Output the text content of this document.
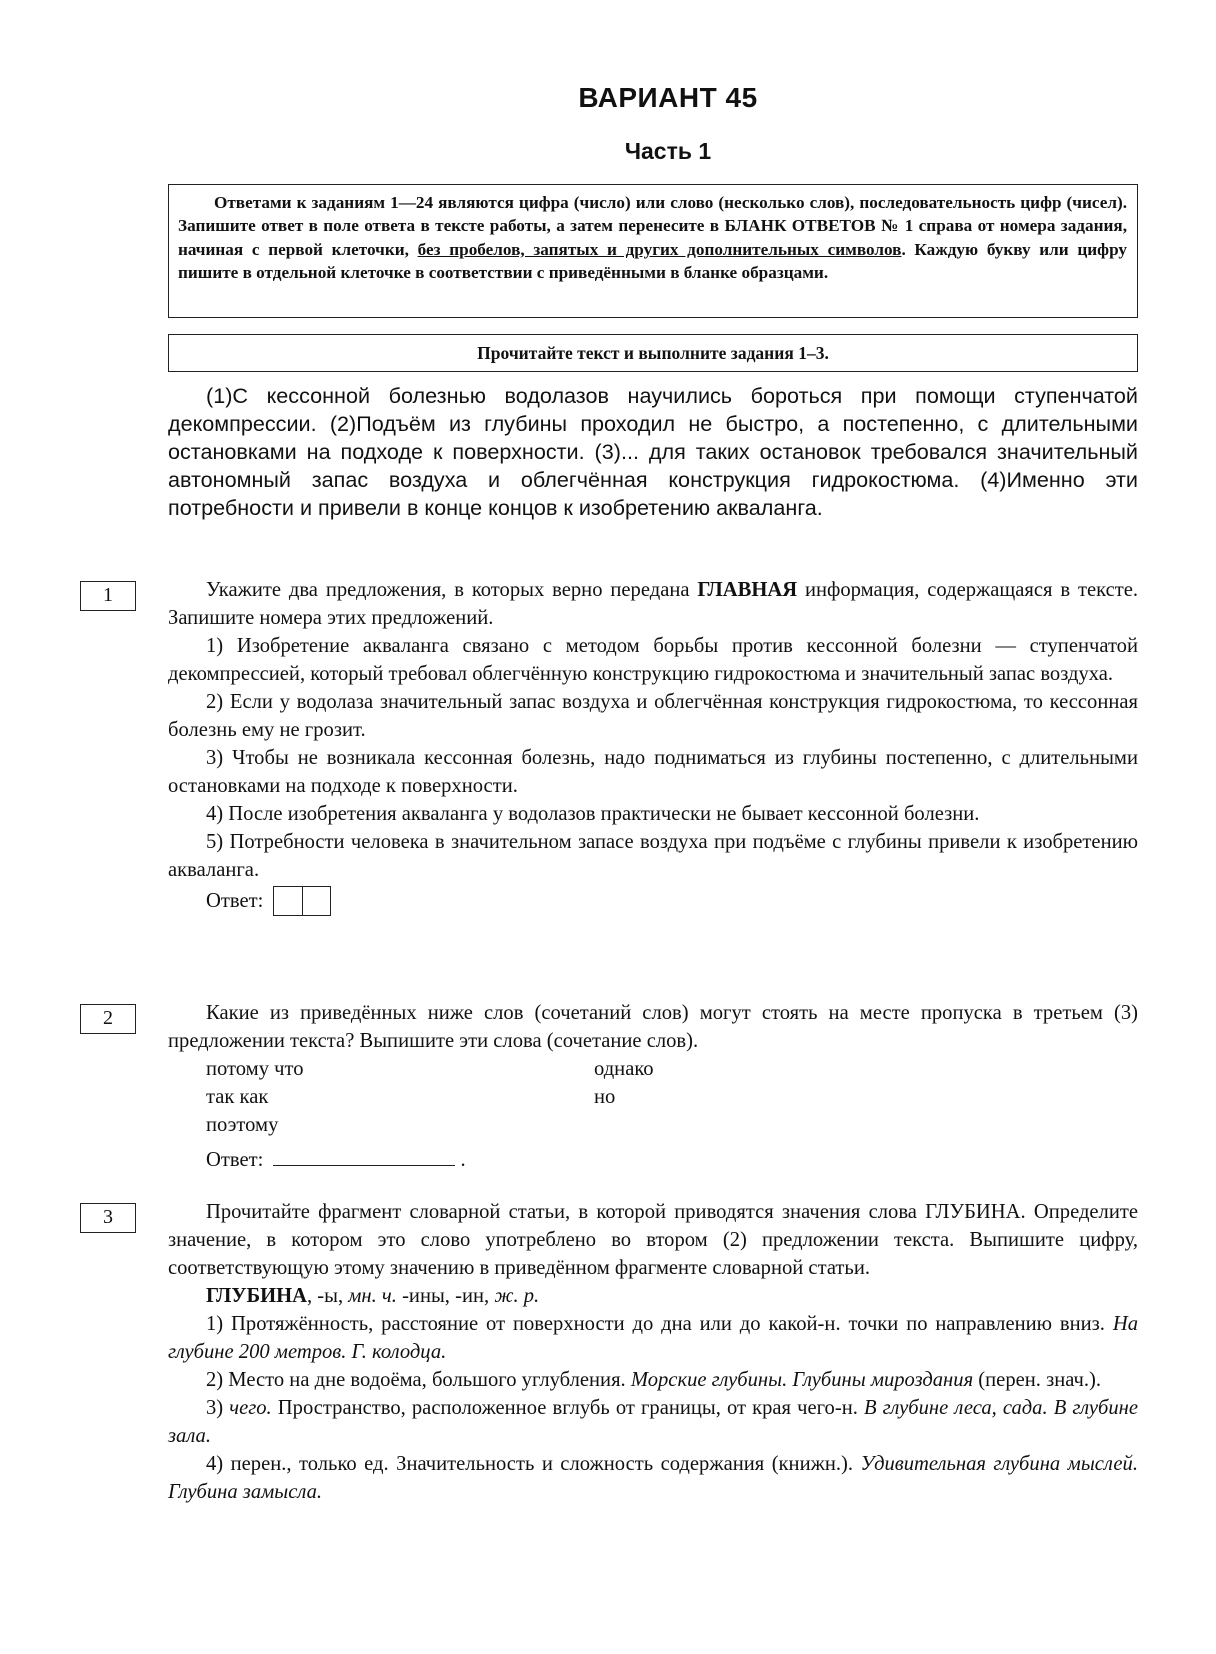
ВАРИАНТ 45
Часть 1

Ответами к заданиям 1—24 являются цифра (число) или слово (несколько слов), последовательность цифр (чисел). Запишите ответ в поле ответа в тексте работы, а затем перенесите в БЛАНК ОТВЕТОВ № 1 справа от номера задания, начиная с первой клеточки, без пробелов, запятых и других дополнительных символов. Каждую букву или цифру пишите в отдельной клеточке в соответствии с приведёнными в бланке образцами.

Прочитайте текст и выполните задания 1–3.

(1)С кессонной болезнью водолазов научились бороться при помощи ступенчатой декомпрессии. (2)Подъём из глубины проходил не быстро, а постепенно, с длительными остановками на подходе к поверхности. (3)... для таких остановок требовался значительный автономный запас воздуха и облегчённая конструкция гидрокостюма. (4)Именно эти потребности и привели в конце концов к изобретению акваланга.

1	Укажите два предложения, в которых верно передана ГЛАВНАЯ информация, содержащаяся в тексте. Запишите номера этих предложений.

1) Изобретение акваланга связано с методом борьбы против кессонной болезни — ступенчатой декомпрессией, который требовал облегчённую конструкцию гидрокостюма и значительный запас воздуха.

2) Если у водолаза значительный запас воздуха и облегчённая конструкция гидрокостюма, то кессонная болезнь ему не грозит.

3) Чтобы не возникала кессонная болезнь, надо подниматься из глубины постепенно, с длительными остановками на подходе к поверхности.

4) После изобретения акваланга у водолазов практически не бывает кессонной болезни.

5) Потребности человека в значительном запасе воздуха при подъёме с глубины привели к изобретению акваланга.

Ответ:
2	Какие из приведённых ниже слов (сочетаний слов) могут стоять на месте пропуска в третьем (3) предложении текста? Выпишите эти слова (сочетание слов).

потому что	однако
так как	но
поэтому

Ответ:	.

3	Прочитайте фрагмент словарной статьи, в которой приводятся значения слова ГЛУБИНА. Определите значение, в котором это слово употреблено во втором (2) предложении текста. Выпишите цифру, соответствующую этому значению в приведённом фрагменте словарной статьи.

ГЛУБИНА, -ы, мн. ч. -ины, -ин, ж. р.

1) Протяжённость, расстояние от поверхности до дна или до какой-н. точки по направлению вниз. На глубине 200 метров. Г. колодца.

2) Место на дне водоёма, большого углубления. Морские глубины. Глубины мироздания (перен. знач.).

3) чего. Пространство, расположенное вглубь от границы, от края чего-н. В глубине леса, сада. В глубине зала.

4) перен., только ед. Значительность и сложность содержания (книжн.). Удивительная глубина мыслей. Глубина замысла.
